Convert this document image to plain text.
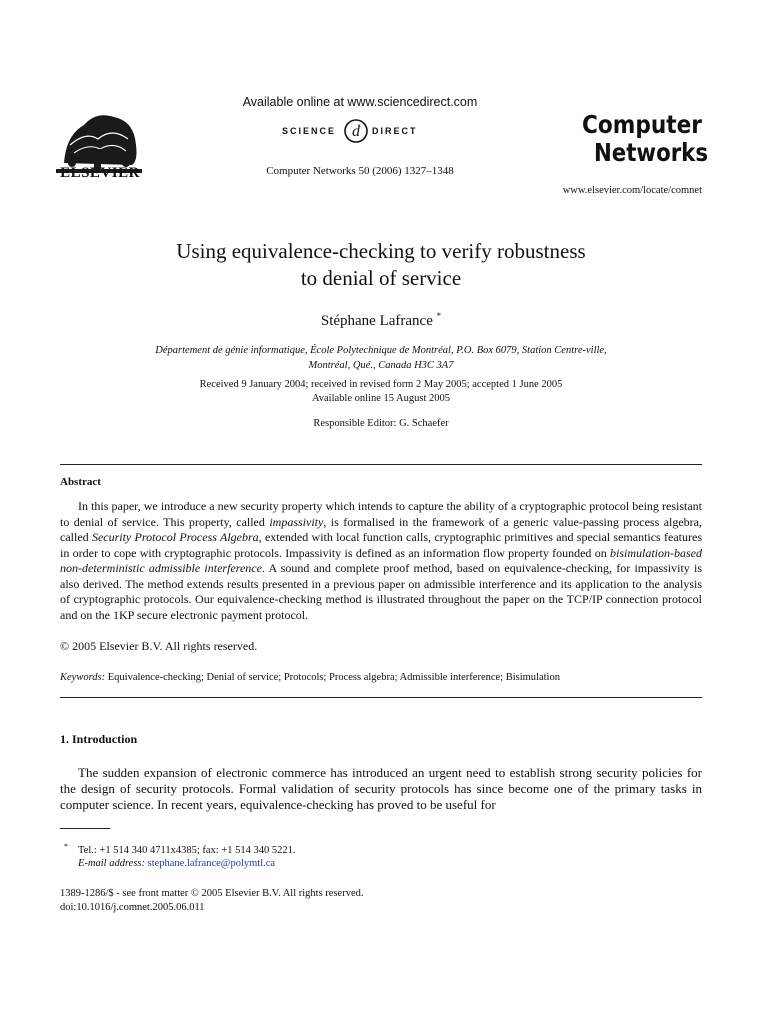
ELSEVIER
Available online at www.sciencedirect.com
SCIENCE d DIRECT
Computer Networks 50 (2006) 1327–1348
Computer
Networks
www.elsevier.com/locate/comnet
Using equivalence-checking to verify robustness
to denial of service
Stéphane Lafrance *
Département de génie informatique, École Polytechnique de Montréal, P.O. Box 6079, Station Centre-ville,
Montréal, Qué., Canada H3C 3A7
Received 9 January 2004; received in revised form 2 May 2005; accepted 1 June 2005
Available online 15 August 2005
Responsible Editor: G. Schaefer
Abstract
In this paper, we introduce a new security property which intends to capture the ability of a cryptographic protocol being resistant to denial of service. This property, called impassivity, is formalised in the framework of a generic value-passing process algebra, called Security Protocol Process Algebra, extended with local function calls, cryptographic primitives and special semantics features in order to cope with cryptographic protocols. Impassivity is defined as an information flow property founded on bisimulation-based non-deterministic admissible interference. A sound and complete proof method, based on equivalence-checking, for impassivity is also derived. The method extends results presented in a previous paper on admissible interference and its application to the analysis of cryptographic protocols. Our equivalence-checking method is illustrated throughout the paper on the TCP/IP connection protocol and on the 1KP secure electronic payment protocol.
© 2005 Elsevier B.V. All rights reserved.
Keywords: Equivalence-checking; Denial of service; Protocols; Process algebra; Admissible interference; Bisimulation
1. Introduction
The sudden expansion of electronic commerce has introduced an urgent need to establish strong security policies for the design of security protocols. Formal validation of security protocols has since become one of the primary tasks in computer science. In recent years, equivalence-checking has proved to be useful for
* Tel.: +1 514 340 4711x4385; fax: +1 514 340 5221.
E-mail address: stephane.lafrance@polymtl.ca
1389-1286/$ - see front matter © 2005 Elsevier B.V. All rights reserved.
doi:10.1016/j.comnet.2005.06.011
